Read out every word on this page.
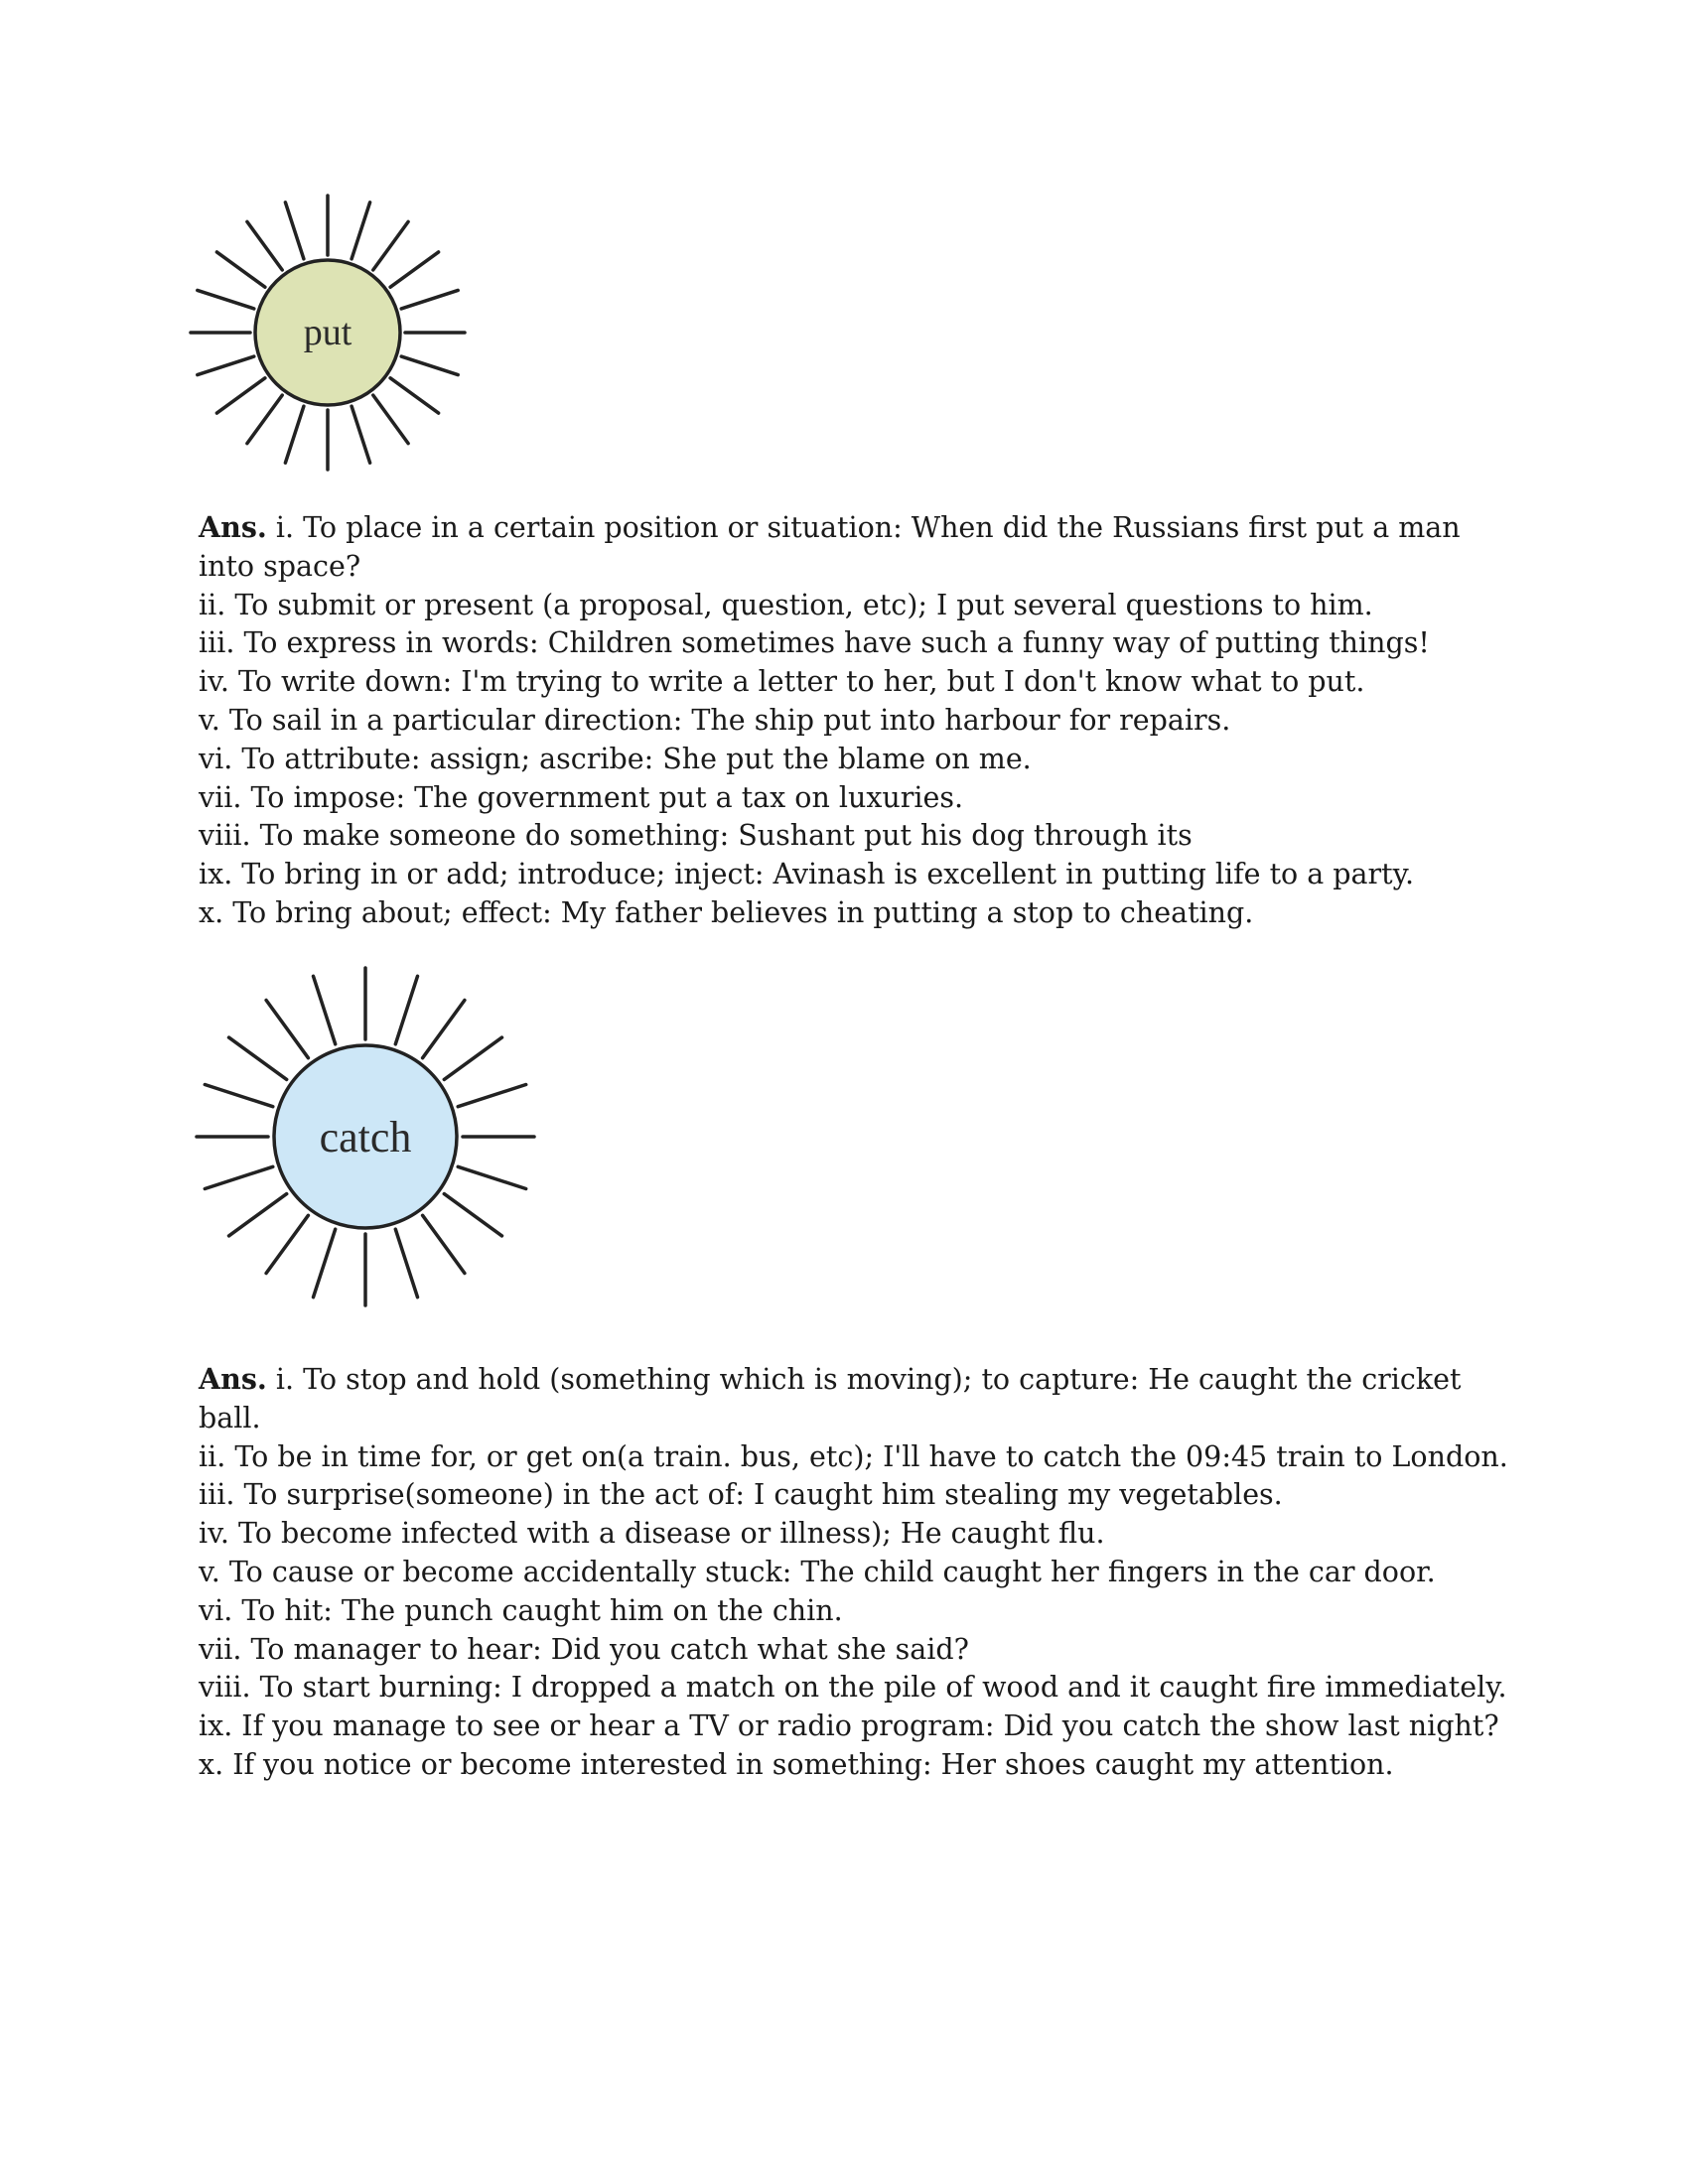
put

Ans. i. To place in a certain position or situation: When did the Russians first put a man into space?

ii. To submit or present (a proposal, question, etc); I put several questions to him.

iii. To express in words: Children sometimes have such a funny way of putting things!

iv. To write down: I'm trying to write a letter to her, but I don't know what to put.

v. To sail in a particular direction: The ship put into harbour for repairs.

vi. To attribute: assign; ascribe: She put the blame on me.

vii. To impose: The government put a tax on luxuries.

viii. To make someone do something: Sushant put his dog through its

ix. To bring in or add; introduce; inject: Avinash is excellent in putting life to a party.

x. To bring about; effect: My father believes in putting a stop to cheating.

catch

Ans. i. To stop and hold (something which is moving); to capture: He caught the cricket ball.

ii. To be in time for, or get on(a train. bus, etc); I'll have to catch the 09:45 train to London.

iii. To surprise(someone) in the act of: I caught him stealing my vegetables.

iv. To become infected with a disease or illness); He caught flu.

v. To cause or become accidentally stuck: The child caught her fingers in the car door.

vi. To hit: The punch caught him on the chin.

vii. To manager to hear: Did you catch what she said?

viii. To start burning: I dropped a match on the pile of wood and it caught fire immediately.

ix. If you manage to see or hear a TV or radio program: Did you catch the show last night?

x. If you notice or become interested in something: Her shoes caught my attention.
